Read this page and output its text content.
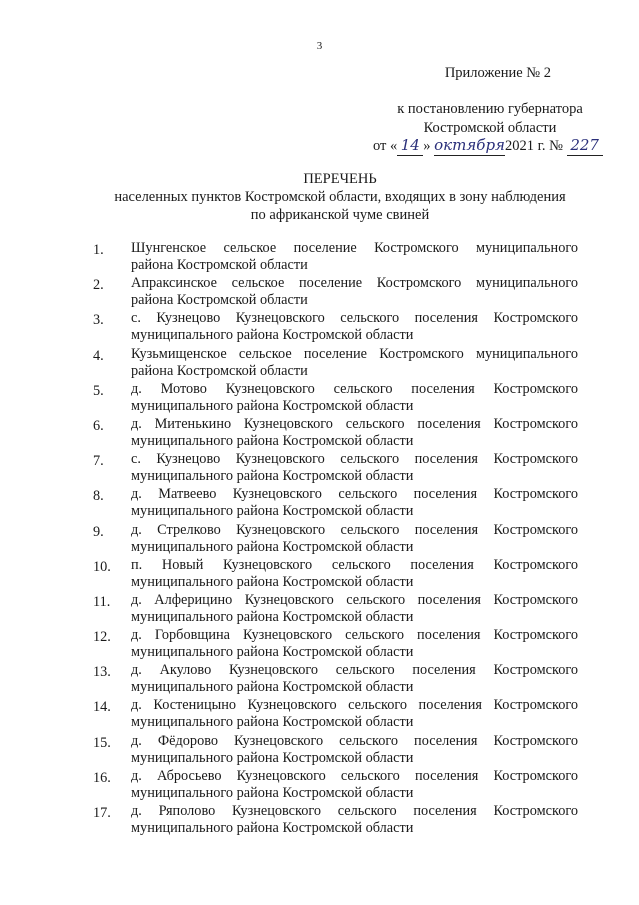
3
Приложение № 2
к постановлению губернатора
Костромской области
от « 14 » октября2021 г. № 227
ПЕРЕЧЕНЬ
населенных пунктов Костромской области, входящих в зону наблюдения
по африканской чуме свиней
1.	Шунгенское сельское поселение Костромского муниципального
района Костромской области
2.	Апраксинское сельское поселение Костромского муниципального
района Костромской области
3.	с. Кузнецово Кузнецовского сельского поселения Костромского
муниципального района Костромской области
4.	Кузьмищенское сельское поселение Костромского муниципального
района Костромской области
5.	д. Мотово Кузнецовского сельского поселения Костромского
муниципального района Костромской области
6.	д. Митенькино Кузнецовского сельского поселения Костромского
муниципального района Костромской области
7.	с. Кузнецово Кузнецовского сельского поселения Костромского
муниципального района Костромской области
8.	д. Матвеево Кузнецовского сельского поселения Костромского
муниципального района Костромской области
9.	д. Стрелково Кузнецовского сельского поселения Костромского
муниципального района Костромской области
10.	п. Новый Кузнецовского сельского поселения Костромского
муниципального района Костромской области
11.	д. Алферицино Кузнецовского сельского поселения Костромского
муниципального района Костромской области
12.	д. Горбовщина Кузнецовского сельского поселения Костромского
муниципального района Костромской области
13.	д. Акулово Кузнецовского сельского поселения Костромского
муниципального района Костромской области
14.	д. Костеницыно Кузнецовского сельского поселения Костромского
муниципального района Костромской области
15.	д. Фёдорово Кузнецовского сельского поселения Костромского
муниципального района Костромской области
16.	д. Абросьево Кузнецовского сельского поселения Костромского
муниципального района Костромской области
17.	д. Ряполово Кузнецовского сельского поселения Костромского
муниципального района Костромской области
